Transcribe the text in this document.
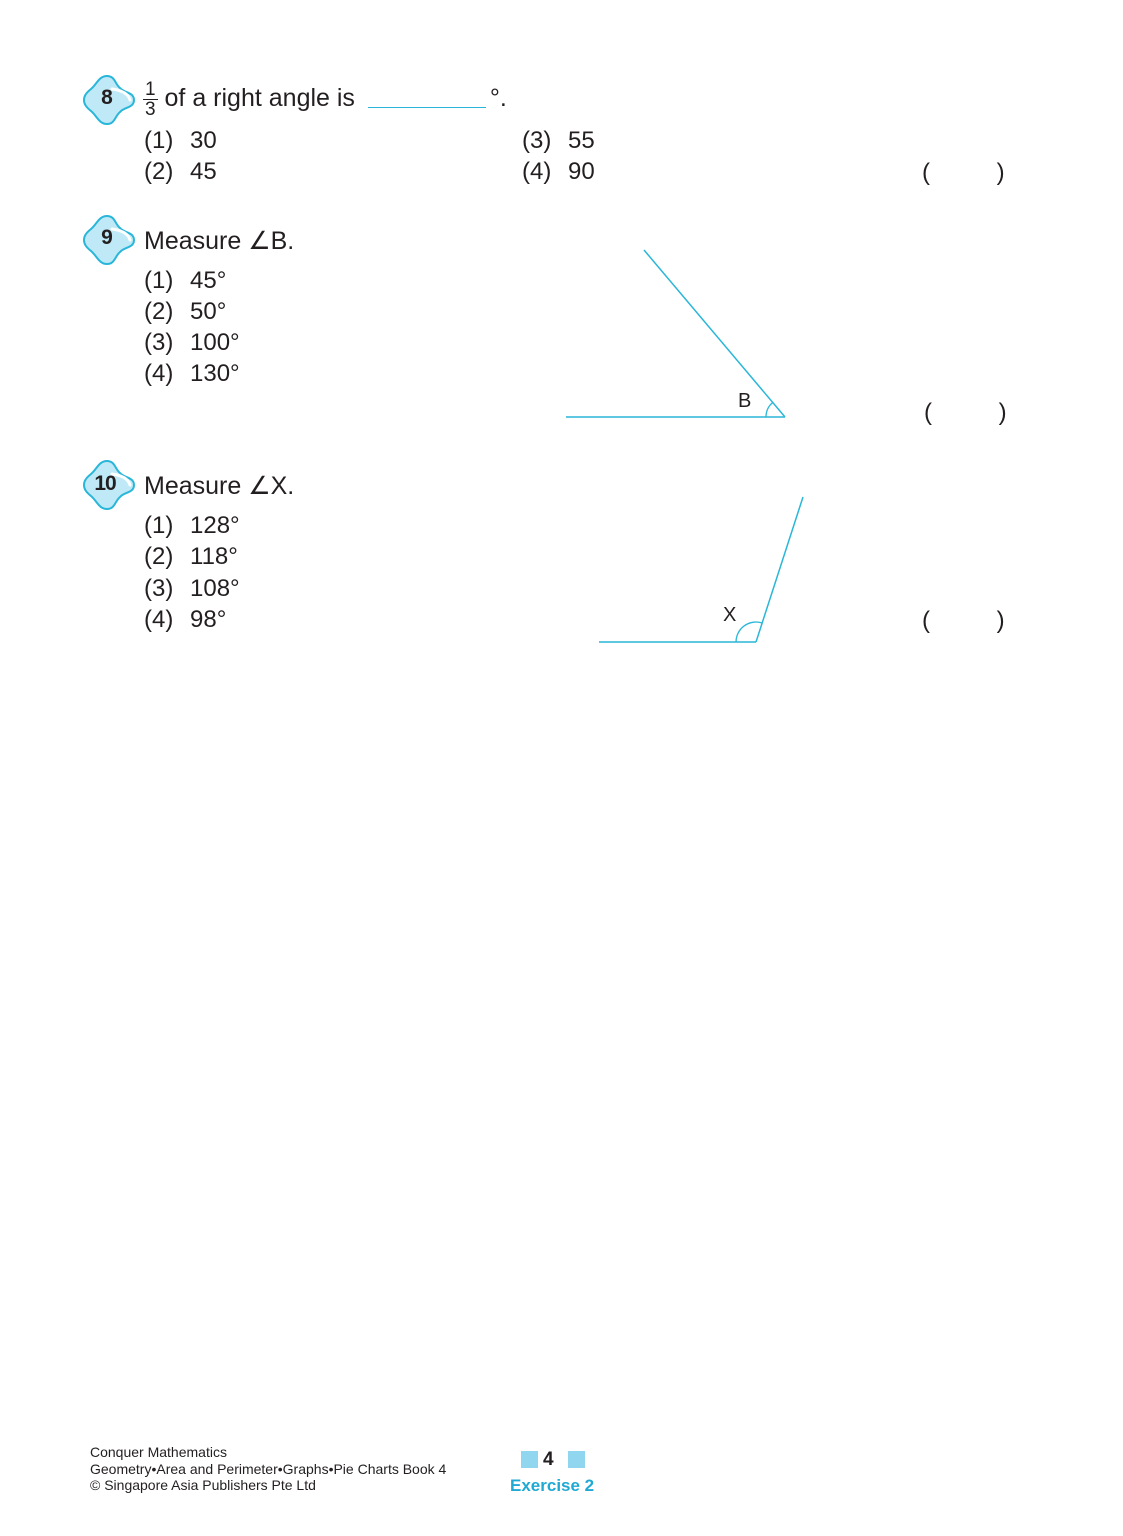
8	$\frac{1}{3}$ of a right angle is	°.
(1) 30
(2) 45
(3) 55
(4) 90	(          )
9	Measure ∠B.
(1) 45°
(2) 50°
(3) 100°
(4) 130°
B	(          )
10	Measure ∠X.
(1) 128°
(2) 118°
(3) 108°
(4) 98°	X	(          )
Conquer Mathematics
Geometry•Area and Perimeter•Graphs•Pie Charts Book 4
© Singapore Asia Publishers Pte Ltd
4
Exercise 2
